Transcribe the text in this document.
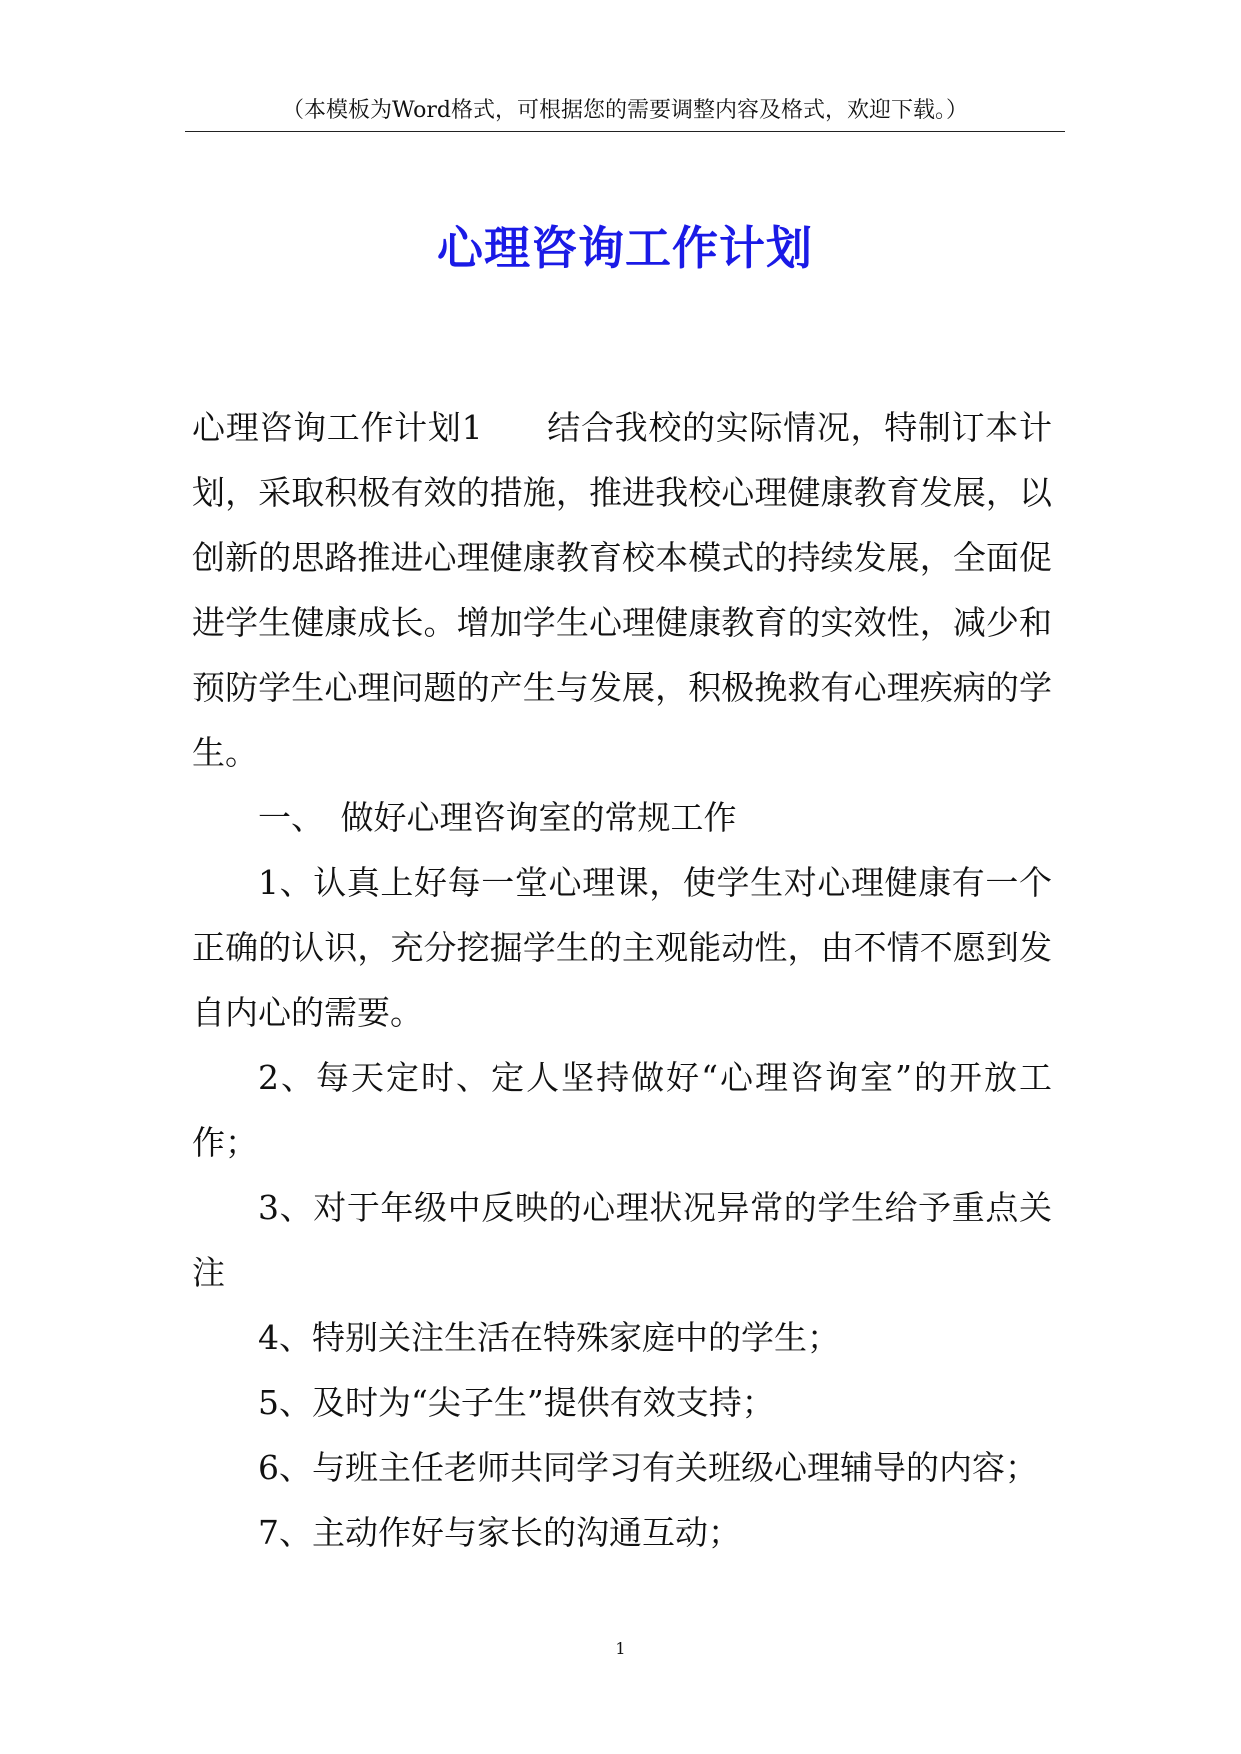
（本模板为Word格式，可根据您的需要调整内容及格式，欢迎下载。）
心理咨询工作计划

心理咨询工作计划1 结合我校的实际情况，特制订本计划，采取积极有效的措施，推进我校心理健康教育发展，以创新的思路推进心理健康教育校本模式的持续发展，全面促进学生健康成长。增加学生心理健康教育的实效性，减少和预防学生心理问题的产生与发展，积极挽救有心理疾病的学生。

一、　做好心理咨询室的常规工作

1、认真上好每一堂心理课，使学生对心理健康有一个正确的认识，充分挖掘学生的主观能动性，由不情不愿到发自内心的需要。

2、每天定时、定人坚持做好“心理咨询室”的开放工作；

3、对于年级中反映的心理状况异常的学生给予重点关注

4、特别关注生活在特殊家庭中的学生；

5、及时为“尖子生”提供有效支持；

6、与班主任老师共同学习有关班级心理辅导的内容；

7、主动作好与家长的沟通互动；

1
